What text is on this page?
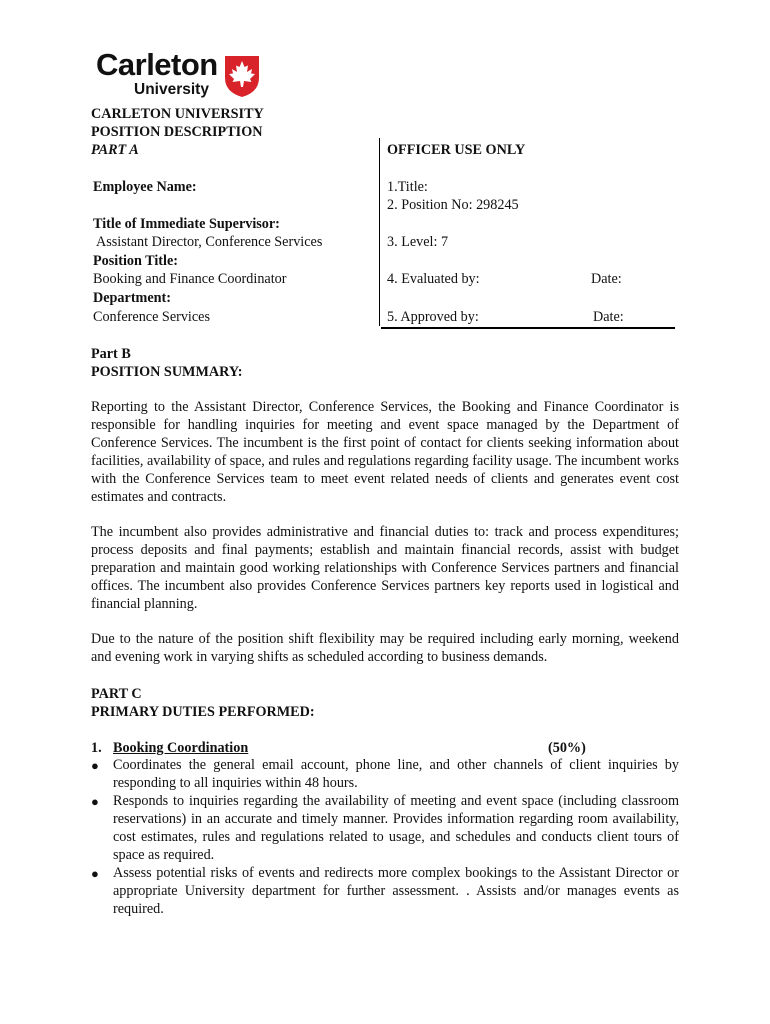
Carleton
University
CARLETON UNIVERSITY
POSITION DESCRIPTION
PART A
Employee Name:
Title of Immediate Supervisor:
Assistant Director, Conference Services
Position Title:
Booking and Finance Coordinator
Department:
Conference Services
OFFICER USE ONLY
1.Title:
2. Position No: 298245
3. Level: 7
4. Evaluated by:	Date:
5. Approved by:	Date:
Part B
POSITION SUMMARY:
Reporting to the Assistant Director, Conference Services, the Booking and Finance Coordinator is responsible for handling inquiries for meeting and event space managed by the Department of Conference Services. The incumbent is the first point of contact for clients seeking information about facilities, availability of space, and rules and regulations regarding facility usage. The incumbent works with the Conference Services team to meet event related needs of clients and generates event cost estimates and contracts.
The incumbent also provides administrative and financial duties to: track and process expenditures; process deposits and final payments; establish and maintain financial records, assist with budget preparation and maintain good working relationships with Conference Services partners and financial offices. The incumbent also provides Conference Services partners key reports used in logistical and financial planning.
Due to the nature of the position shift flexibility may be required including early morning, weekend and evening work in varying shifts as scheduled according to business demands.
PART C
PRIMARY DUTIES PERFORMED:
1. Booking Coordination	(50%)
● Coordinates the general email account, phone line, and other channels of client inquiries by responding to all inquiries within 48 hours.
● Responds to inquiries regarding the availability of meeting and event space (including classroom reservations) in an accurate and timely manner. Provides information regarding room availability, cost estimates, rules and regulations related to usage, and schedules and conducts client tours of space as required.
● Assess potential risks of events and redirects more complex bookings to the Assistant Director or appropriate University department for further assessment. . Assists and/or manages events as required.
